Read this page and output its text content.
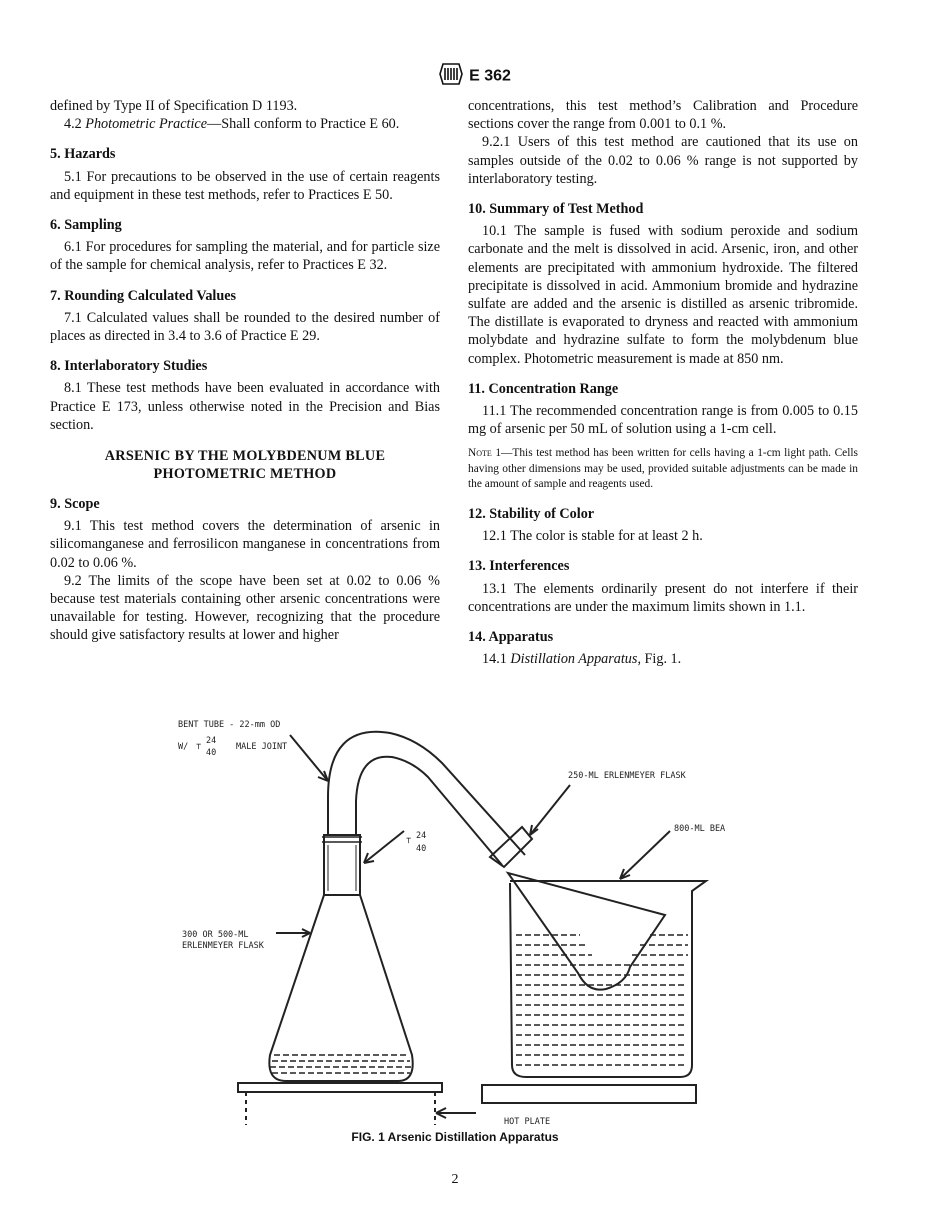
E 362

defined by Type II of Specification D 1193.

4.2 Photometric Practice—Shall conform to Practice E 60.

5. Hazards

5.1 For precautions to be observed in the use of certain reagents and equipment in these test methods, refer to Practices E 50.

6. Sampling

6.1 For procedures for sampling the material, and for particle size of the sample for chemical analysis, refer to Practices E 32.

7. Rounding Calculated Values

7.1 Calculated values shall be rounded to the desired number of places as directed in 3.4 to 3.6 of Practice E 29.

8. Interlaboratory Studies

8.1 These test methods have been evaluated in accordance with Practice E 173, unless otherwise noted in the Precision and Bias section.

ARSENIC BY THE MOLYBDENUM BLUE
PHOTOMETRIC METHOD
9. Scope

9.1 This test method covers the determination of arsenic in silicomanganese and ferrosilicon manganese in concentrations from 0.02 to 0.06 %.

9.2 The limits of the scope have been set at 0.02 to 0.06 % because test materials containing other arsenic concentrations were unavailable for testing. However, recognizing that the procedure should give satisfactory results at lower and higher

concentrations, this test method’s Calibration and Procedure sections cover the range from 0.001 to 0.1 %.

9.2.1 Users of this test method are cautioned that its use on samples outside of the 0.02 to 0.06 % range is not supported by interlaboratory testing.

10. Summary of Test Method

10.1 The sample is fused with sodium peroxide and sodium carbonate and the melt is dissolved in acid. Arsenic, iron, and other elements are precipitated with ammonium hydroxide. The filtered precipitate is dissolved in acid. Ammonium bromide and hydrazine sulfate are added and the arsenic is distilled as arsenic tribromide. The distillate is evaporated to dryness and reacted with ammonium molybdate and hydrazine sulfate to form the molybdenum blue complex. Photometric measurement is made at 850 nm.

11. Concentration Range

11.1 The recommended concentration range is from 0.005 to 0.15 mg of arsenic per 50 mL of solution using a 1-cm cell.

Note 1—This test method has been written for cells having a 1-cm light path. Cells having other dimensions may be used, provided suitable adjustments can be made in the amount of sample and reagents used.
12. Stability of Color

12.1 The color is stable for at least 2 h.

13. Interferences

13.1 The elements ordinarily present do not interfere if their concentrations are under the maximum limits shown in 1.1.

14. Apparatus

14.1 Distillation Apparatus, Fig. 1.

BENT TUBE - 22-mm OD
W/ ⊤
24
40
MALE JOINT
⊤ 24
40
250-ML ERLENMEYER FLASK
800-ML BEA
300 OR 500-ML
ERLENMEYER FLASK
HOT PLATE
FIG. 1 Arsenic Distillation Apparatus
2
